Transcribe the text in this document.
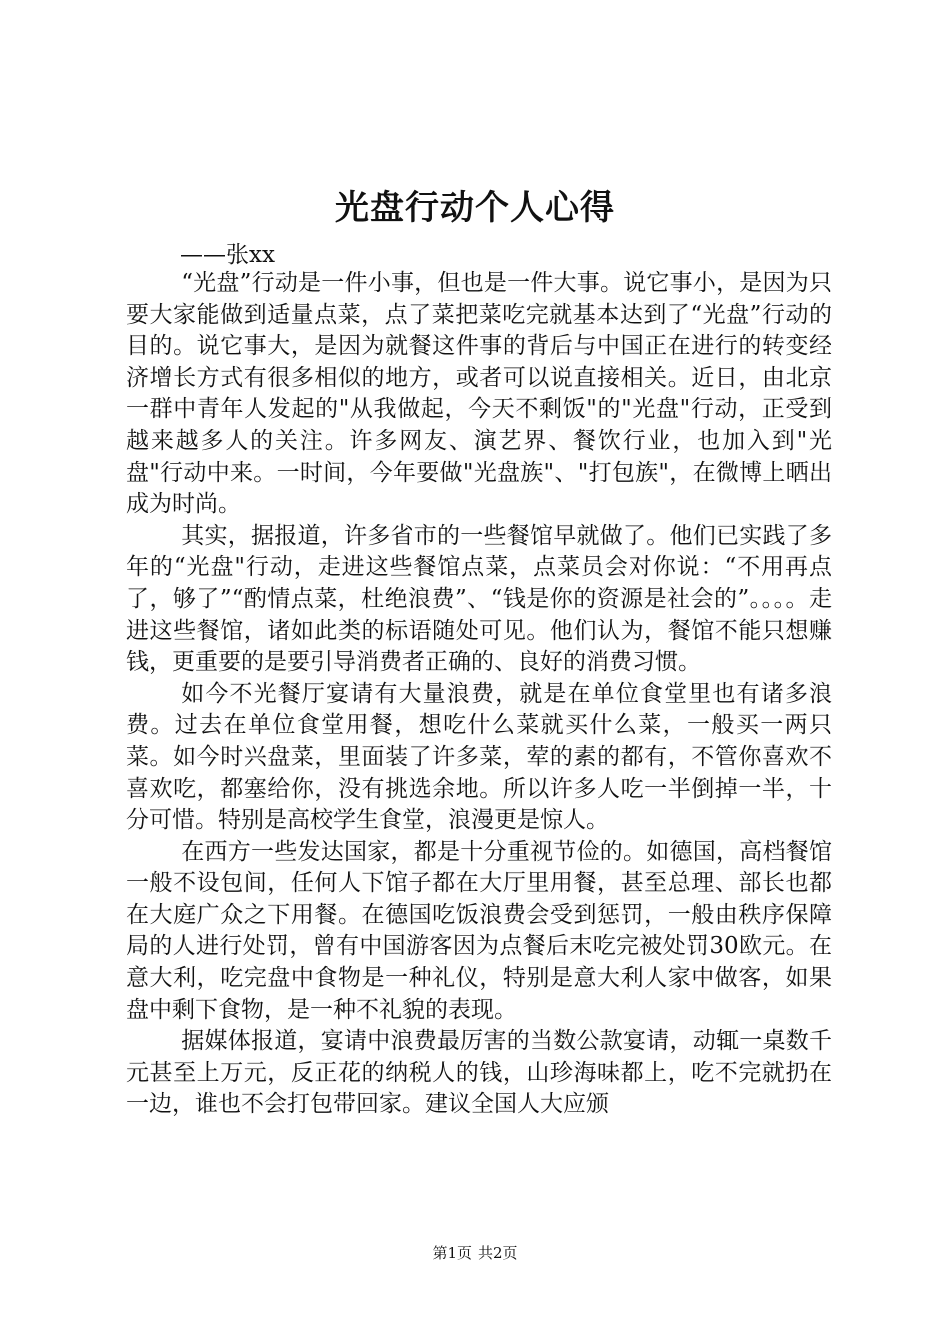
光盘行动个人心得
——张xx

“光盘”行动是一件小事，但也是一件大事。说它事小，是因为只要大家能做到适量点菜，点了菜把菜吃完就基本达到了“光盘”行动的目的。说它事大，是因为就餐这件事的背后与中国正在进行的转变经济增长方式有很多相似的地方，或者可以说直接相关。近日，由北京一群中青年人发起的"从我做起，今天不剩饭"的"光盘"行动，正受到越来越多人的关注。许多网友、演艺界、餐饮行业，也加入到"光盘"行动中来。一时间，今年要做"光盘族"、"打包族"，在微博上晒出成为时尚。

其实，据报道，许多省市的一些餐馆早就做了。他们已实践了多年的“光盘"行动，走进这些餐馆点菜，点菜员会对你说：“不用再点了，够了”“酌情点菜，杜绝浪费”、“钱是你的资源是社会的”。。。。走进这些餐馆，诸如此类的标语随处可见。他们认为，餐馆不能只想赚钱，更重要的是要引导消费者正确的、良好的消费习惯。

如今不光餐厅宴请有大量浪费，就是在单位食堂里也有诸多浪费。过去在单位食堂用餐，想吃什么菜就买什么菜，一般买一两只菜。如今时兴盘菜，里面装了许多菜，荤的素的都有，不管你喜欢不喜欢吃，都塞给你，没有挑选余地。所以许多人吃一半倒掉一半，十分可惜。特别是高校学生食堂，浪漫更是惊人。

在西方一些发达国家，都是十分重视节俭的。如德国，高档餐馆一般不设包间，任何人下馆子都在大厅里用餐，甚至总理、部长也都在大庭广众之下用餐。在德国吃饭浪费会受到惩罚，一般由秩序保障局的人进行处罚，曾有中国游客因为点餐后末吃完被处罚30欧元。在意大利，吃完盘中食物是一种礼仪，特别是意大利人家中做客，如果盘中剩下食物，是一种不礼貌的表现。

据媒体报道，宴请中浪费最厉害的当数公款宴请，动辄一桌数千元甚至上万元，反正花的纳税人的钱，山珍海味都上，吃不完就扔在一边，谁也不会打包带回家。建议全国人大应颁

第1页 共2页
